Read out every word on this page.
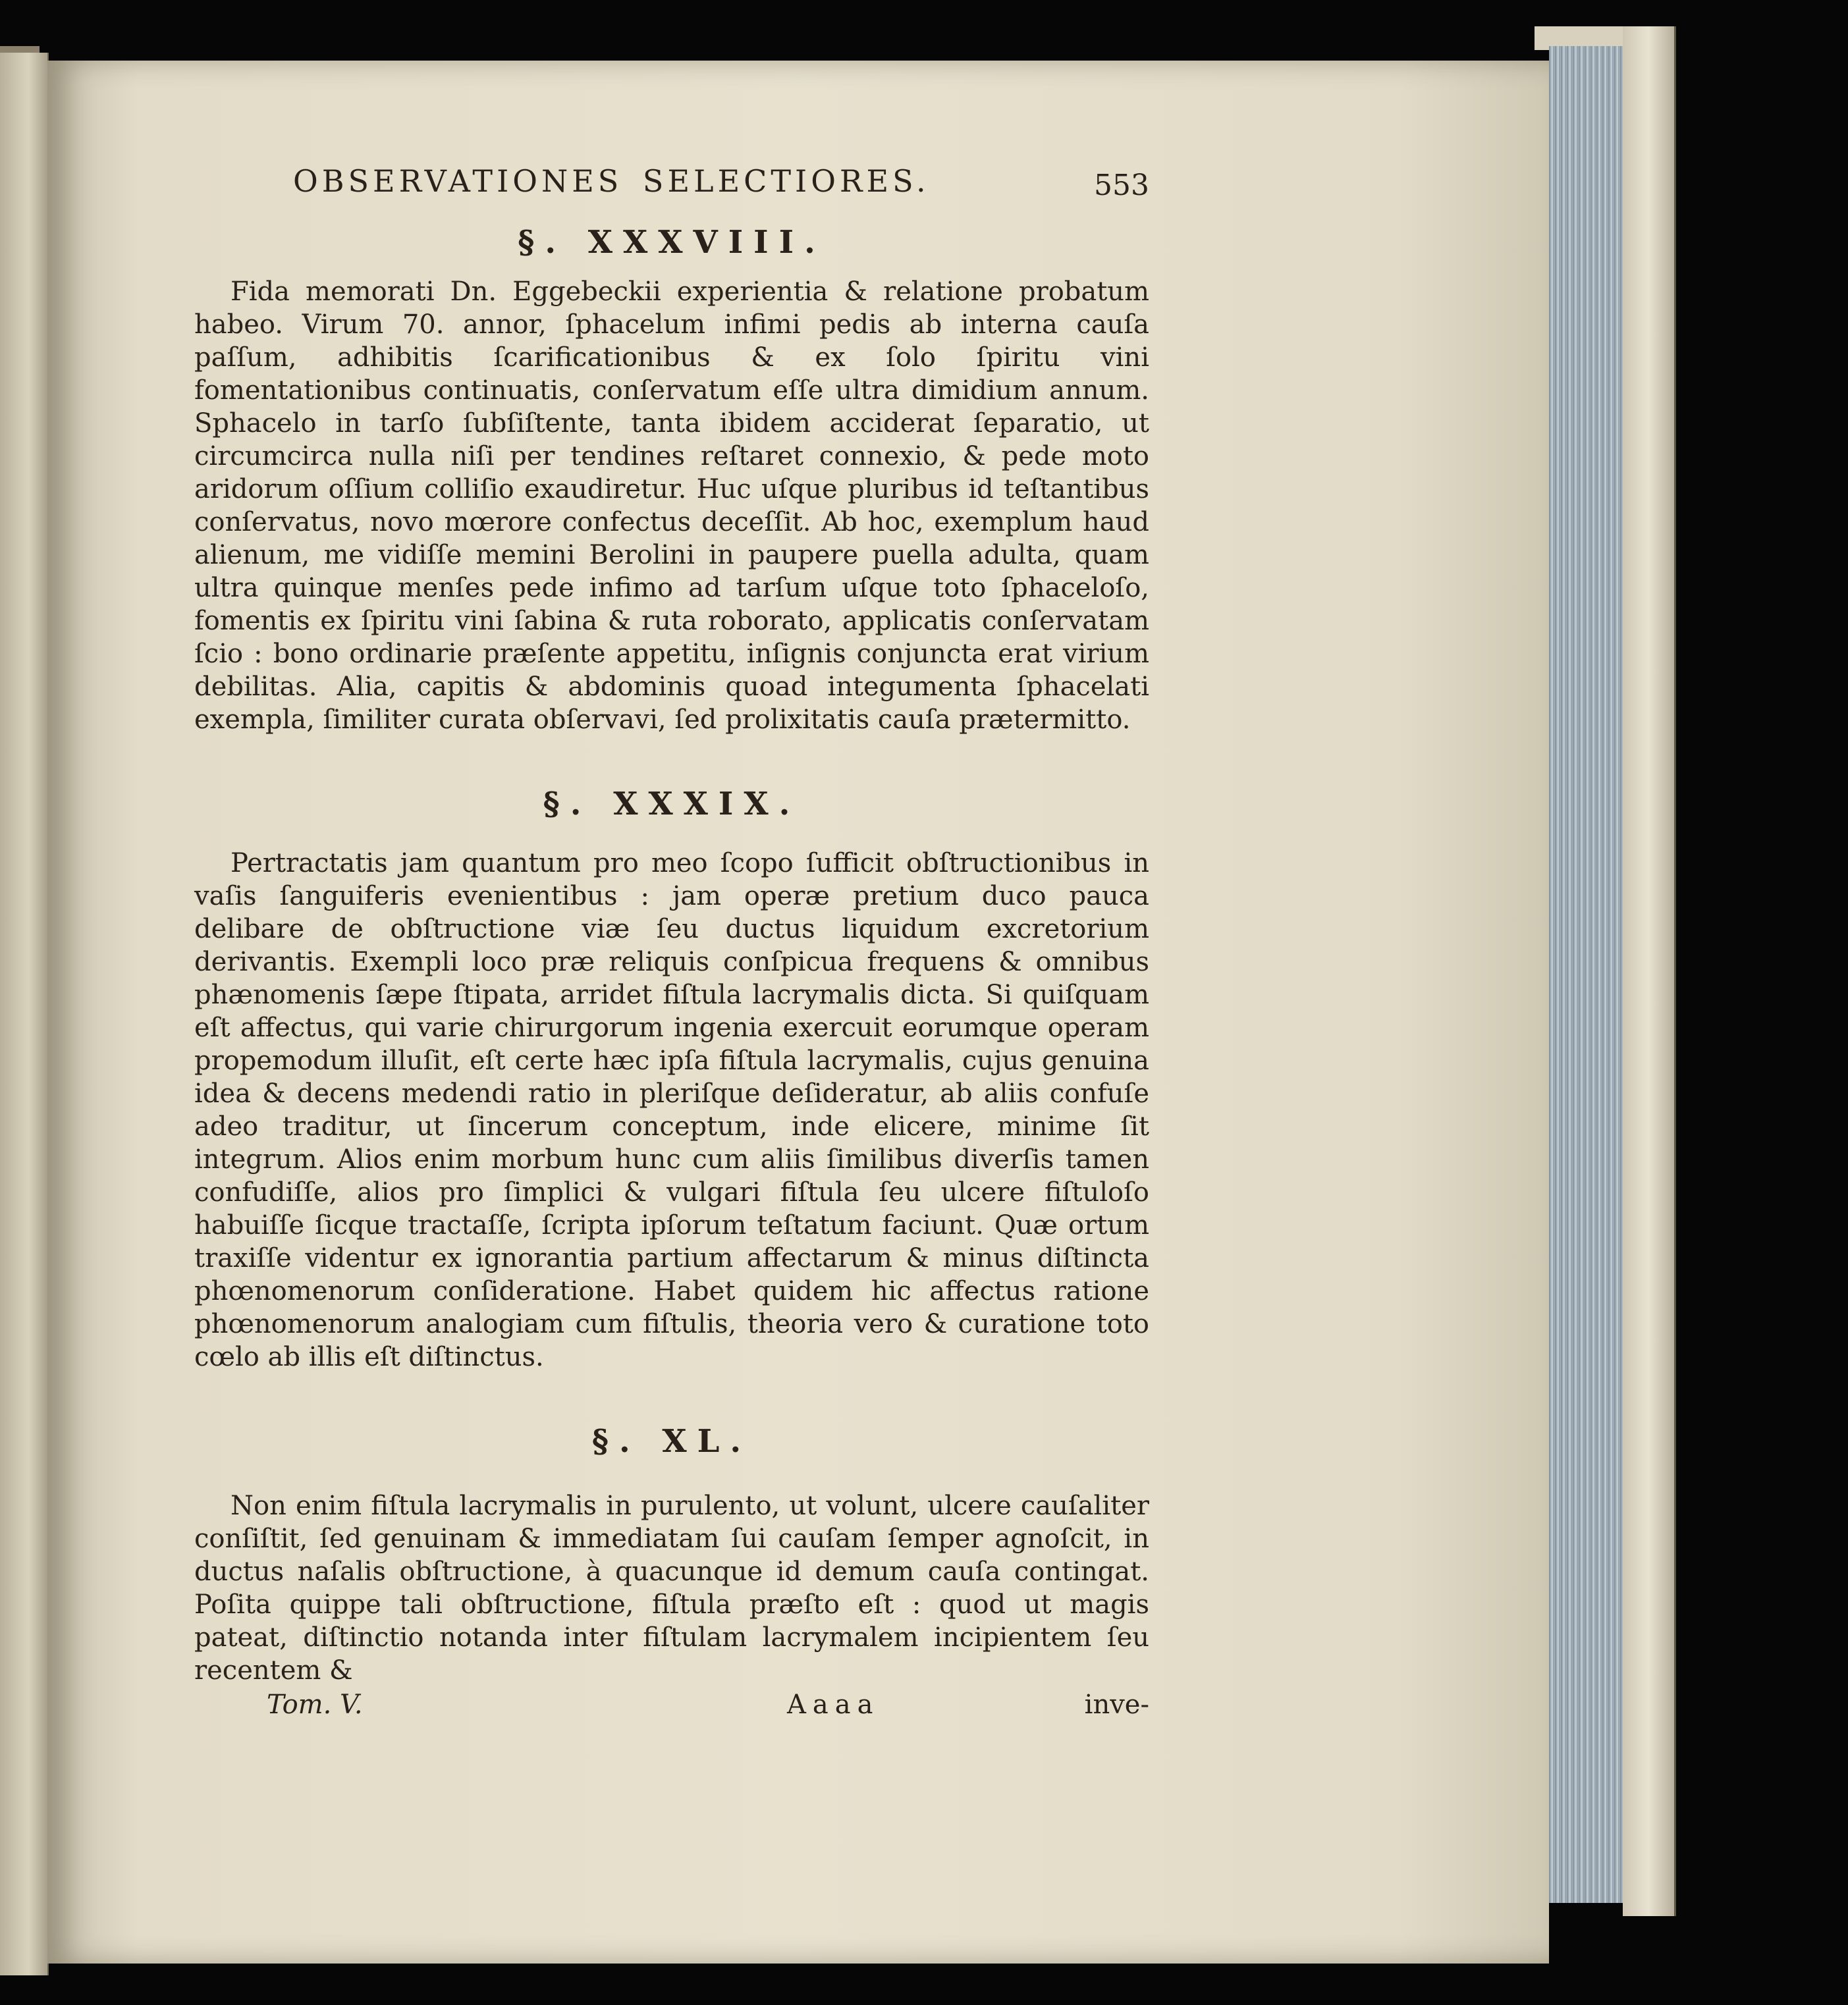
OBSERVATIONES SELECTIORES.	553
§. XXXVIII.

Fida memorati Dn. Eggebeckii experientia & relatione probatum habeo. Virum 70. annor, ſphacelum infimi pedis ab interna cauſa paſſum, adhibitis ſcarificationibus & ex ſolo ſpiritu vini fomentationibus continuatis, conſervatum eſſe ultra dimidium annum. Sphacelo in tarſo ſubſiſtente, tanta ibidem acciderat ſeparatio, ut circumcirca nulla niſi per tendines reſtaret connexio, & pede moto aridorum oſſium colliſio exaudiretur. Huc uſque pluribus id teſtantibus conſervatus, novo mœrore confectus deceſſit. Ab hoc, exemplum haud alienum, me vidiſſe memini Berolini in paupere puella adulta, quam ultra quinque menſes pede infimo ad tarſum uſque toto ſphaceloſo, fomentis ex ſpiritu vini ſabina & ruta roborato, applicatis conſervatam ſcio : bono ordinarie præſente appetitu, inſignis conjuncta erat virium debilitas. Alia, capitis & abdominis quoad integumenta ſphacelati exempla, ſimiliter curata obſervavi, ſed prolixitatis cauſa prætermitto.

§. XXXIX.

Pertractatis jam quantum pro meo ſcopo ſufficit obſtructionibus in vaſis ſanguiferis evenientibus : jam operæ pretium duco pauca delibare de obſtructione viæ ſeu ductus liquidum excretorium derivantis. Exempli loco præ reliquis conſpicua frequens & omnibus phænomenis ſæpe ſtipata, arridet fiſtula lacrymalis dicta. Si quiſquam eſt affectus, qui varie chirurgorum ingenia exercuit eorumque operam propemodum illuſit, eſt certe hæc ipſa fiſtula lacrymalis, cujus genuina idea & decens medendi ratio in pleriſque deſideratur, ab aliis confuſe adeo traditur, ut ſincerum conceptum, inde elicere, minime ſit integrum. Alios enim morbum hunc cum aliis ſimilibus diverſis tamen confudiſſe, alios pro ſimplici & vulgari fiſtula ſeu ulcere fiſtuloſo habuiſſe ſicque tractaſſe, ſcripta ipſorum teſtatum faciunt. Quæ ortum traxiſſe videntur ex ignorantia partium affectarum & minus diſtincta phœnomenorum conſideratione. Habet quidem hic affectus ratione phœnomenorum analogiam cum fiſtulis, theoria vero & curatione toto cœlo ab illis eſt diſtinctus.

§. XL.

Non enim fiſtula lacrymalis in purulento, ut volunt, ulcere cauſaliter conſiſtit, ſed genuinam & immediatam ſui cauſam ſemper agnoſcit, in ductus naſalis obſtructione, à quacunque id demum cauſa contingat. Poſita quippe tali obſtructione, fiſtula præſto eſt : quod ut magis pateat, diſtinctio notanda inter fiſtulam lacrymalem incipientem ſeu recentem &

Tom. V.	Aaaa	inve-
